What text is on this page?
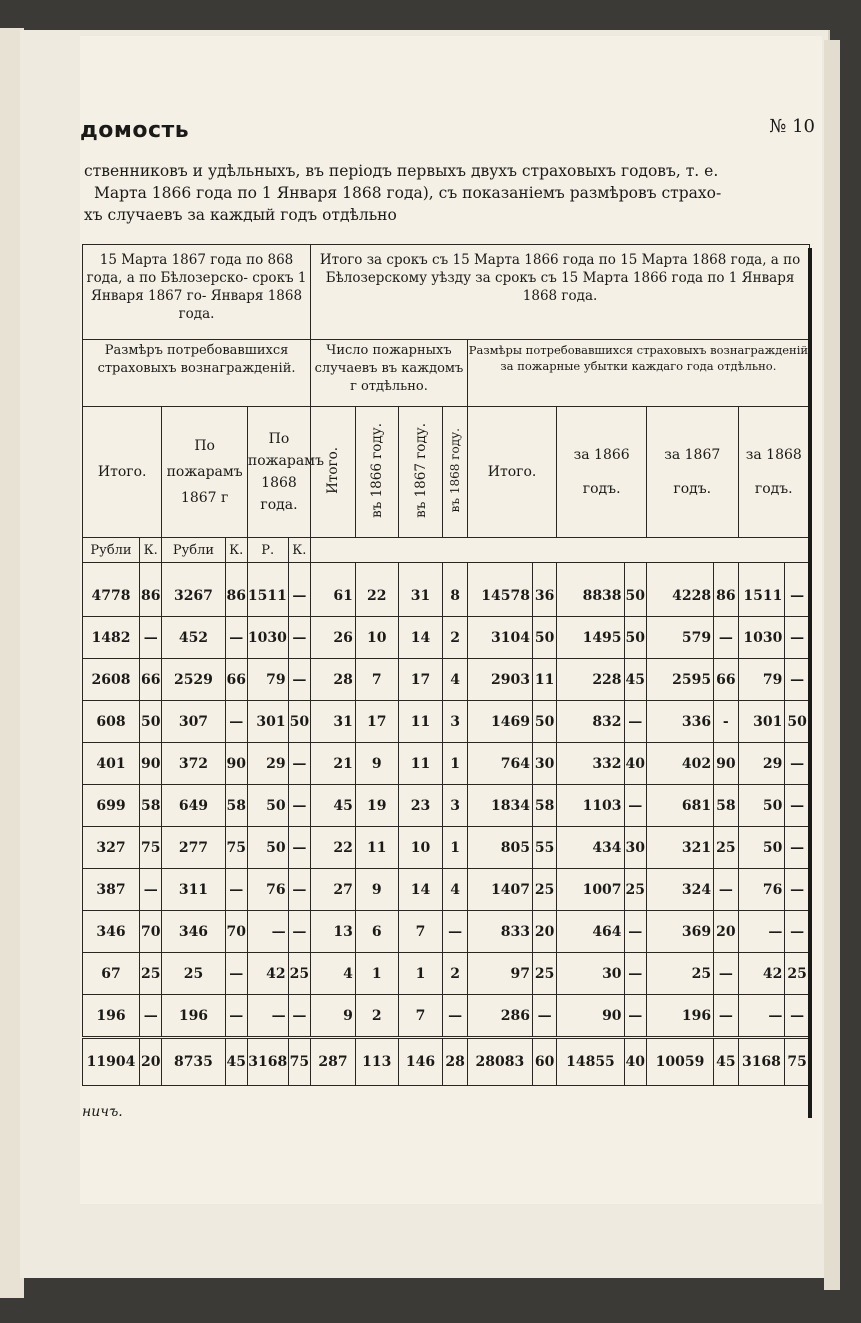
домость	№ 10
ственниковъ и удѣльныхъ, въ періодъ первыхъ двухъ страховыхъ годовъ, т. е.
Марта 1866 года по 1 Января 1868 года), съ показаніемъ размѣровъ страхо-
хъ случаевъ за каждый годъ отдѣльно
15 Марта 1867 года по 868 года, а по Бѣлозерско- срокъ 1 Января 1867 го- Января 1868 года.						Итого за срокъ съ 15 Марта 1866 года по 15 Марта 1868 года, а по Бѣлозерскому уѣзду за срокъ съ 15 Марта 1866 года по 1 Января 1868 года.											
Размѣръ потребовавшихся страховыхъ вознагражденій.						Число пожарныхъ случаевъ въ каждомъ г отдѣльно.				Размѣры потребовавшихся страховыхъ вознагражденій за пожарные убытки каждаго года отдѣльно.							
Итого.		По пожарамъ 1867 г		По пожарамъ 1868 года.		Итого.	въ 1866 году.	въ 1867 году.	въ 1868 году.	Итого.		за 1866 годъ.		за 1867 годъ.		за 1868 годъ.	
Рубли	К.	Рубли	К.	Р.	К.												
4778	86	3267	86	1511	—	61	22	31	8	14578	36	8838	50	4228	86	1511	—
1482	—	452	—	1030	—	26	10	14	2	3104	50	1495	50	579	—	1030	—
2608	66	2529	66	79	—	28	7	17	4	2903	11	228	45	2595	66	79	—
608	50	307	—	301	50	31	17	11	3	1469	50	832	—	336	-	301	50
401	90	372	90	29	—	21	9	11	1	764	30	332	40	402	90	29	—
699	58	649	58	50	—	45	19	23	3	1834	58	1103	—	681	58	50	—
327	75	277	75	50	—	22	11	10	1	805	55	434	30	321	25	50	—
387	—	311	—	76	—	27	9	14	4	1407	25	1007	25	324	—	76	—
346	70	346	70	—	—	13	6	7	—	833	20	464	—	369	20	—	—
67	25	25	—	42	25	4	1	1	2	97	25	30	—	25	—	42	25
196	—	196	—	—	—	9	2	7	—	286	—	90	—	196	—	—	—
11904	20	8735	45	3168	75	287	113	146	28	28083	60	14855	40	10059	45	3168	75
ничъ.
